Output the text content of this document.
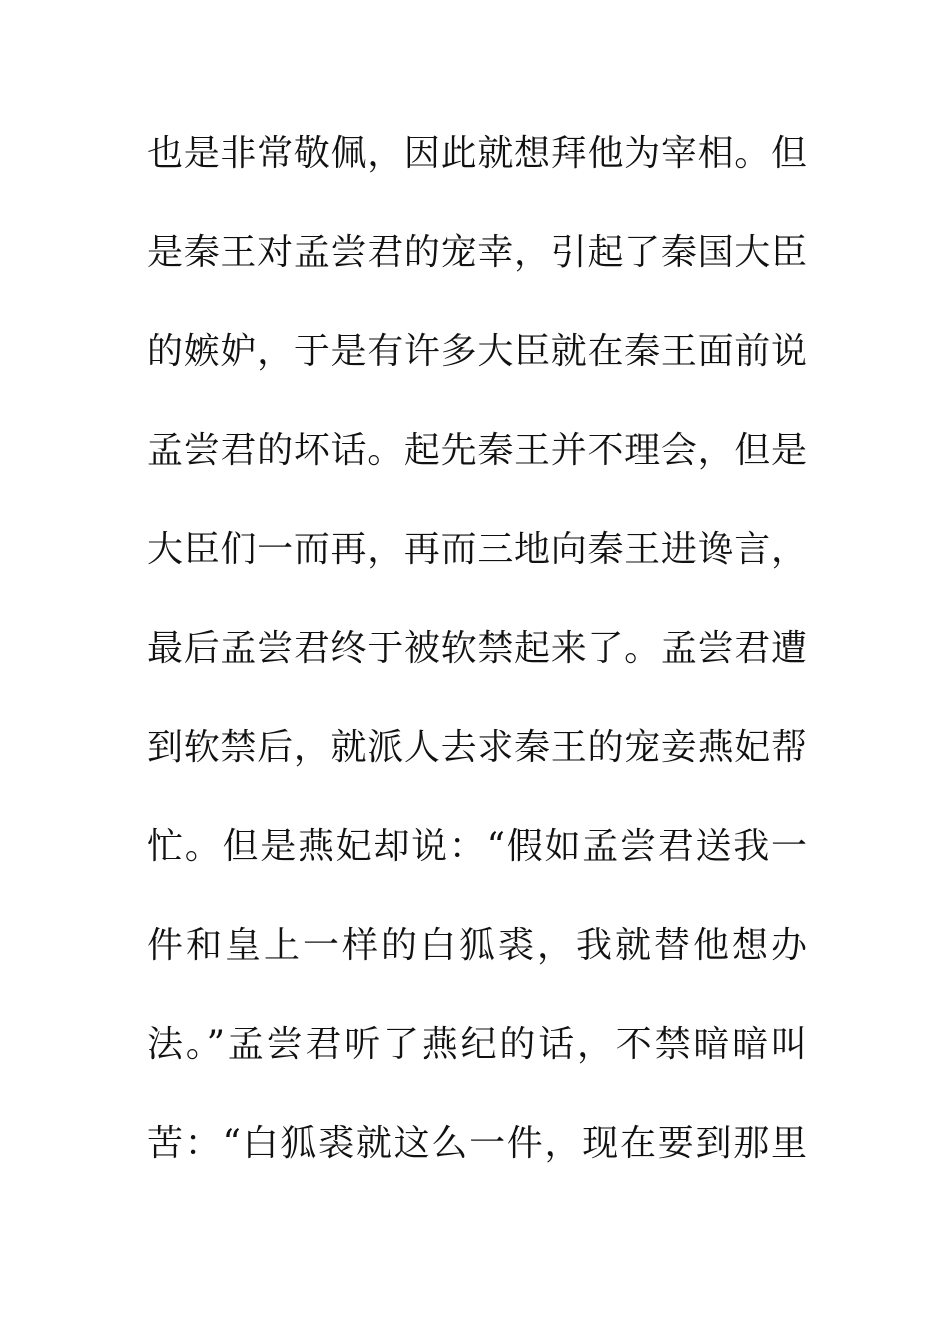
也是非常敬佩，因此就想拜他为宰相。但
是秦王对孟尝君的宠幸，引起了秦国大臣
的嫉妒，于是有许多大臣就在秦王面前说
孟尝君的坏话。起先秦王并不理会，但是
大臣们一而再，再而三地向秦王进谗言，
最后孟尝君终于被软禁起来了。孟尝君遭
到软禁后，就派人去求秦王的宠妾燕妃帮
忙。但是燕妃却说：“假如孟尝君送我一
件和皇上一样的白狐裘，我就替他想办
法。”孟尝君听了燕纪的话，不禁暗暗叫
苦：“白狐裘就这么一件，现在要到那里
